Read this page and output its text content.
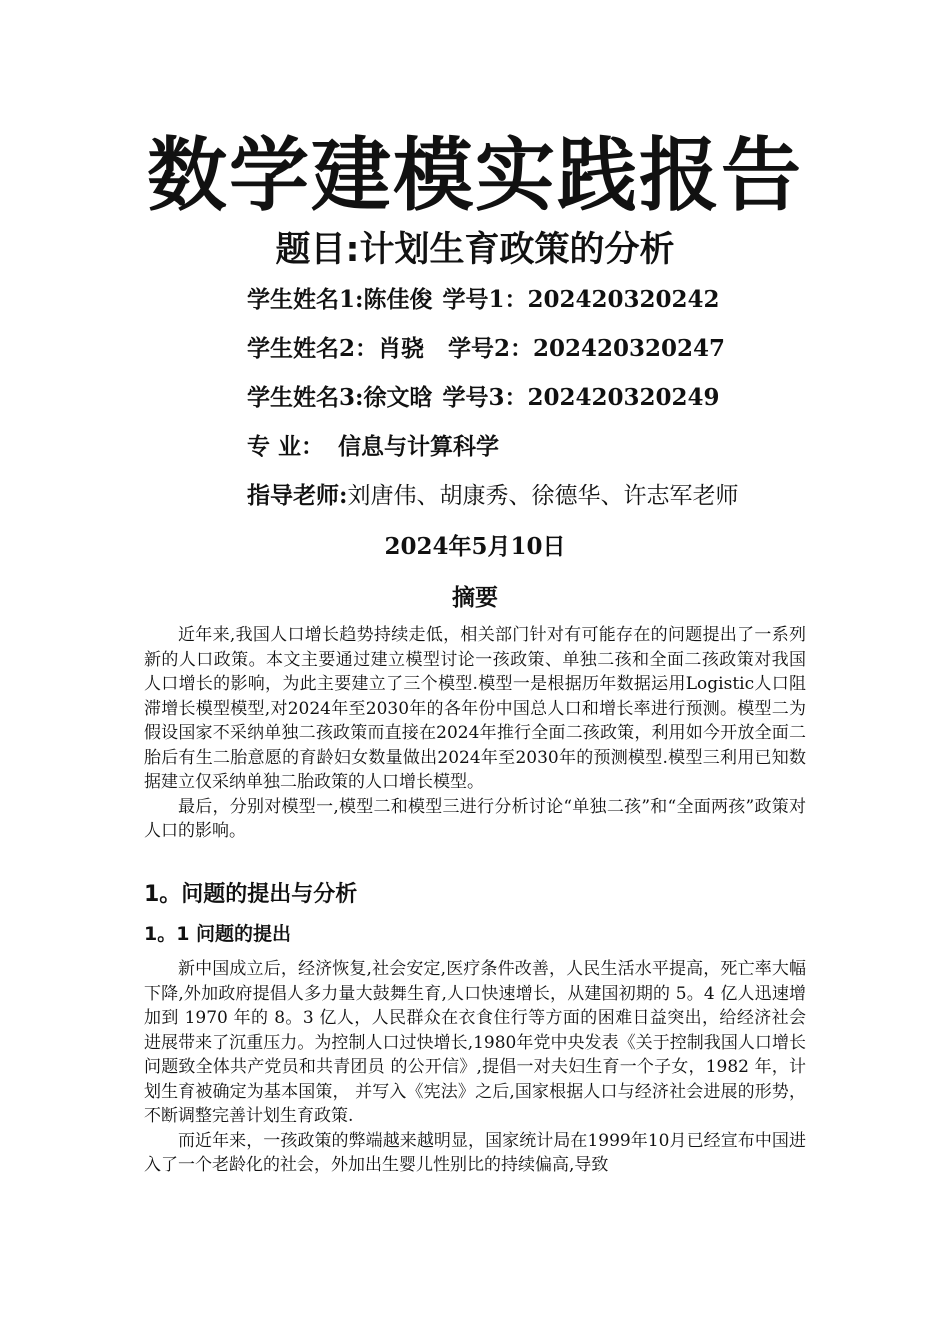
数学建模实践报告
题目:计划生育政策的分析
学生姓名1:陈佳俊 学号1：202420320242
学生姓名2：肖骁 学号2：202420320247
学生姓名3:徐文晗 学号3：202420320249
专 业： 信息与计算科学
指导老师:刘唐伟、胡康秀、徐德华、许志军老师
2024年5月10日
摘要

近年来,我国人口增长趋势持续走低，相关部门针对有可能存在的问题提出了一系列新的人口政策。本文主要通过建立模型讨论一孩政策、单独二孩和全面二孩政策对我国人口增长的影响，为此主要建立了三个模型.模型一是根据历年数据运用Logistic人口阻滞增长模型模型,对2024年至2030年的各年份中国总人口和增长率进行预测。模型二为假设国家不采纳单独二孩政策而直接在2024年推行全面二孩政策，利用如今开放全面二胎后有生二胎意愿的育龄妇女数量做出2024年至2030年的预测模型.模型三利用已知数据建立仅采纳单独二胎政策的人口增长模型。

最后，分别对模型一,模型二和模型三进行分析讨论“单独二孩”和“全面两孩”政策对人口的影响。

1。问题的提出与分析
1。1 问题的提出

新中国成立后，经济恢复,社会安定,医疗条件改善，人民生活水平提高，死亡率大幅下降,外加政府提倡人多力量大鼓舞生育,人口快速增长，从建国初期的 5。4 亿人迅速增加到 1970 年的 8。3 亿人，人民群众在衣食住行等方面的困难日益突出，给经济社会进展带来了沉重压力。为控制人口过快增长,1980年党中央发表《关于控制我国人口增长问题致全体共产党员和共青团员 的公开信》,提倡一对夫妇生育一个子女，1982 年，计划生育被确定为基本国策， 并写入《宪法》之后,国家根据人口与经济社会进展的形势，不断调整完善计划生育政策.

而近年来，一孩政策的弊端越来越明显，国家统计局在1999年10月已经宣布中国进入了一个老龄化的社会，外加出生婴儿性别比的持续偏高,导致
